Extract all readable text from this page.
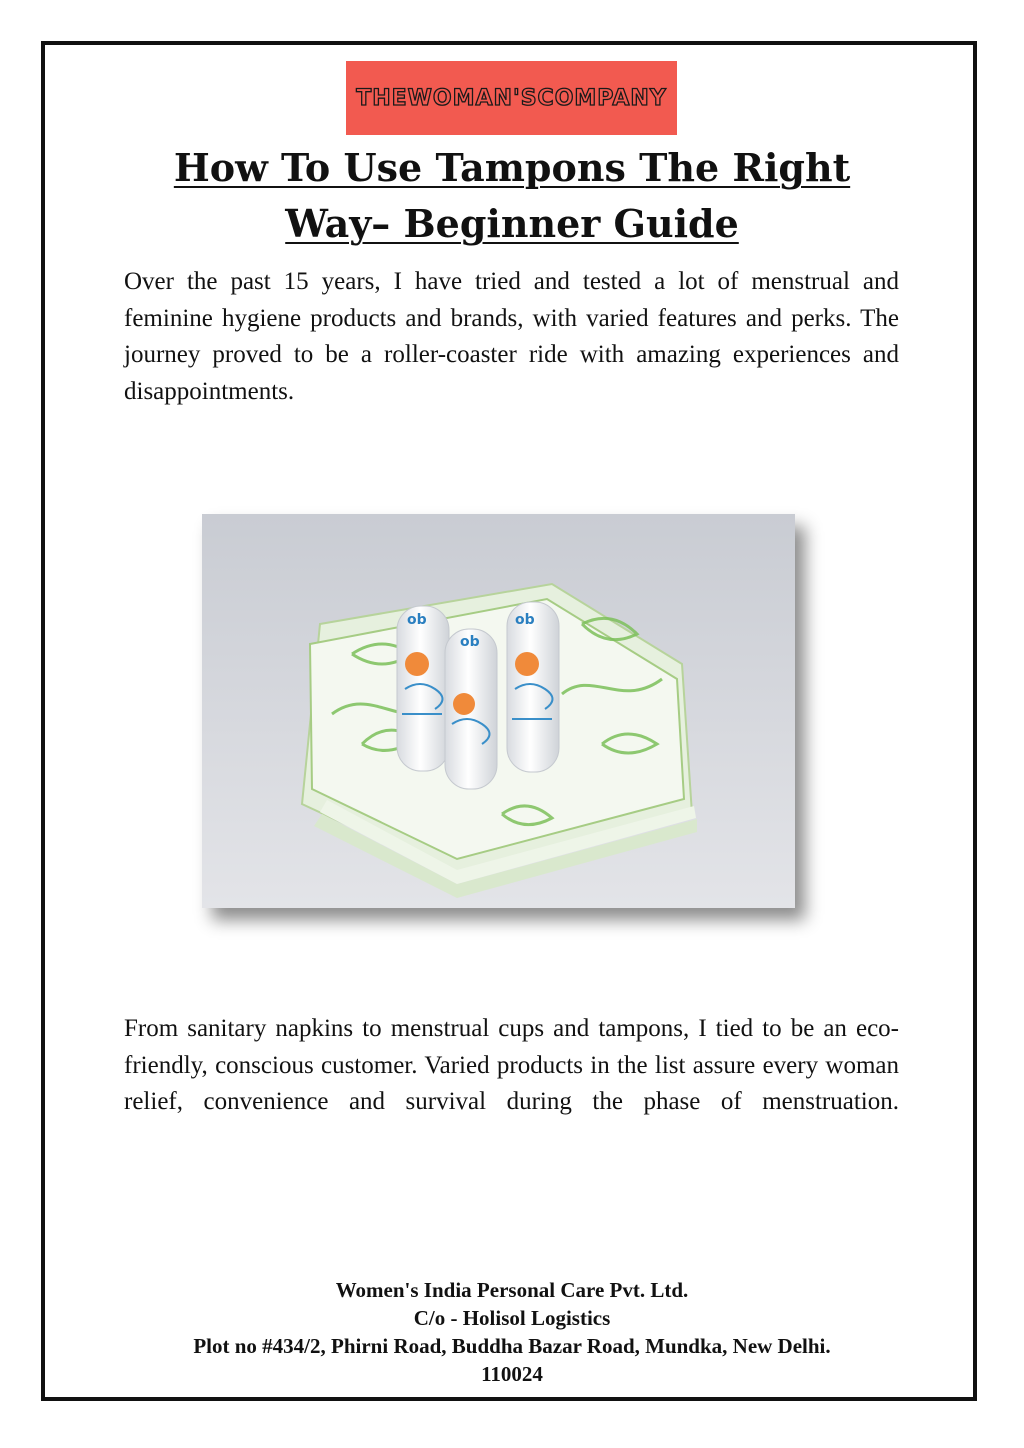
THEWOMAN'SCOMPANY
How To Use Tampons The Right
Way– Beginner Guide

Over the past 15 years, I have tried and tested a lot of menstrual and feminine hygiene products and brands, with varied features and perks. The journey proved to be a roller-coaster ride with amazing experiences and disappointments.

ob
ob
ob

From sanitary napkins to menstrual cups and tampons, I tied to be an eco-friendly, conscious customer. Varied products in the list assure every woman relief, convenience and survival during the phase of menstruation.

Women's India Personal Care Pvt. Ltd.
C/o - Holisol Logistics
Plot no #434/2, Phirni Road, Buddha Bazar Road, Mundka, New Delhi.
110024
